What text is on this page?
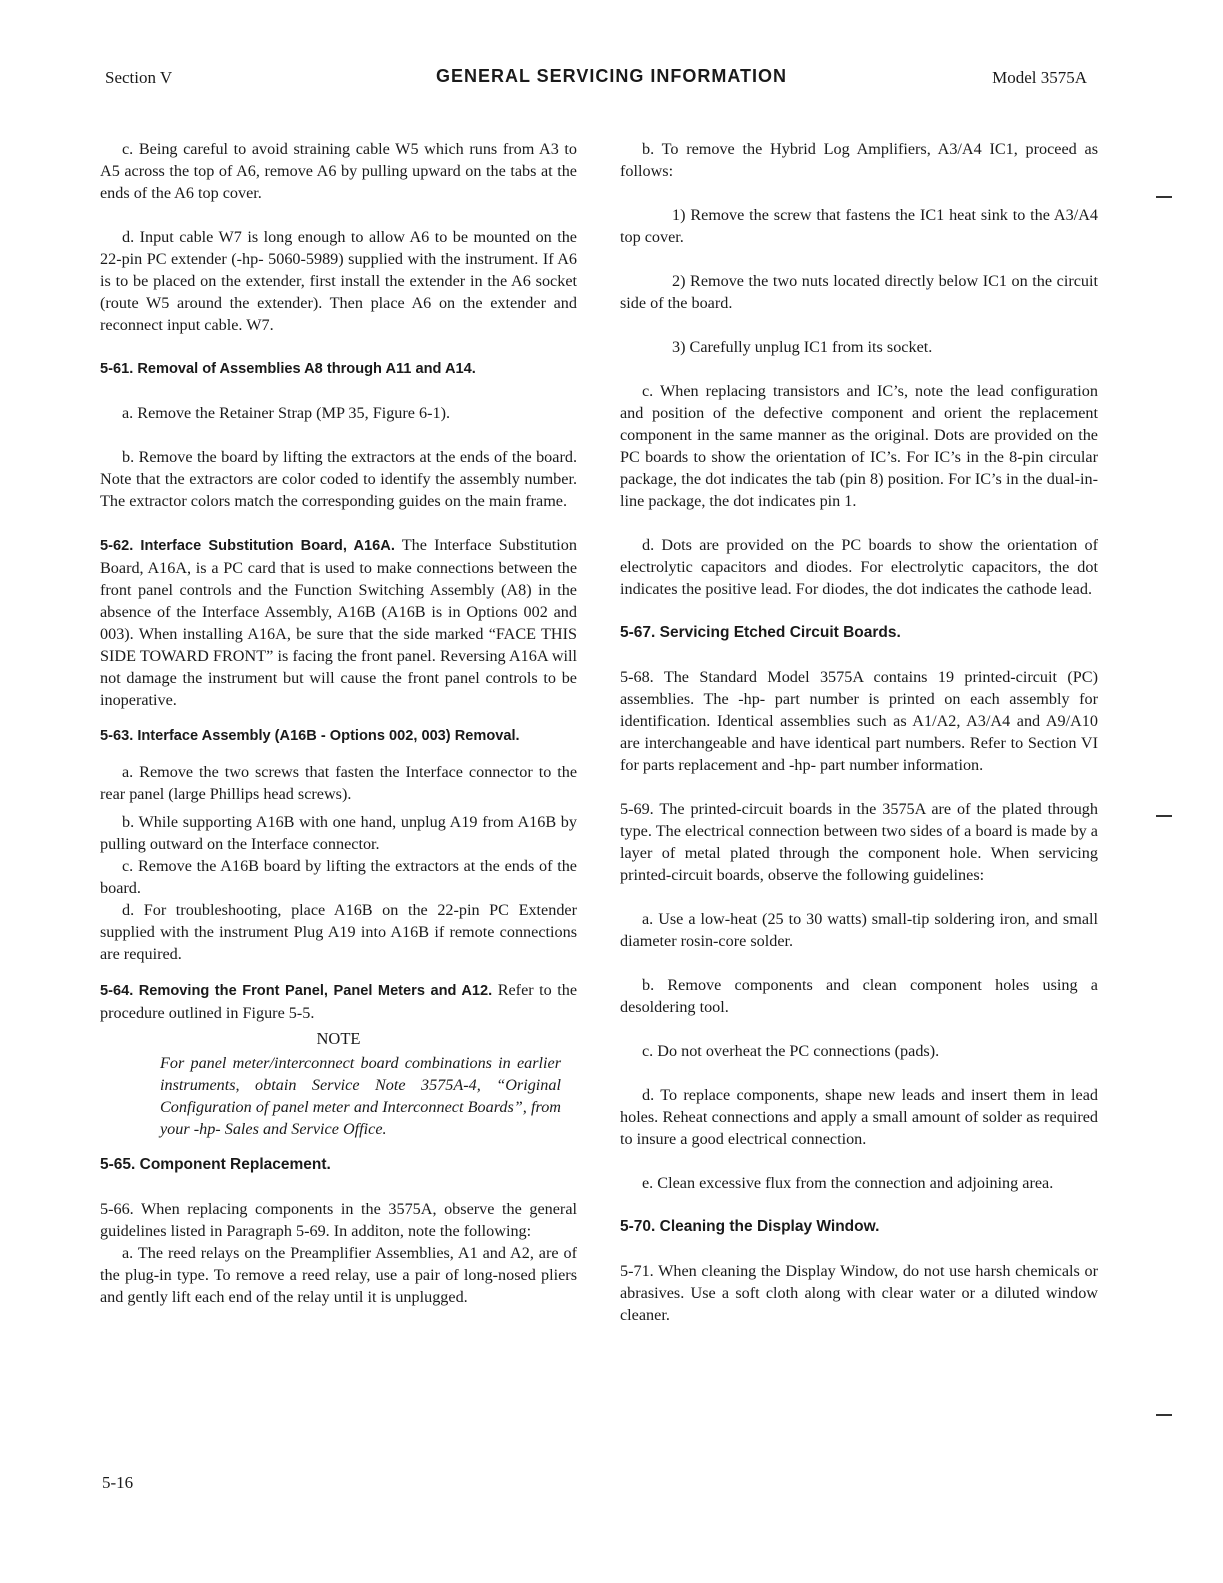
Section V	GENERAL SERVICING INFORMATION	Model 3575A

c. Being careful to avoid straining cable W5 which runs from A3 to A5 across the top of A6, remove A6 by pulling upward on the tabs at the ends of the A6 top cover.

d. Input cable W7 is long enough to allow A6 to be mounted on the 22-pin PC extender (-hp- 5060-5989) supplied with the instrument. If A6 is to be placed on the extender, first install the extender in the A6 socket (route W5 around the extender). Then place A6 on the extender and reconnect input cable. W7.

5-61. Removal of Assemblies A8 through A11 and A14.

a. Remove the Retainer Strap (MP 35, Figure 6-1).

b. Remove the board by lifting the extractors at the ends of the board. Note that the extractors are color coded to identify the assembly number. The extractor colors match the corresponding guides on the main frame.

5-62. Interface Substitution Board, A16A. The Interface Substitution Board, A16A, is a PC card that is used to make connections between the front panel controls and the Function Switching Assembly (A8) in the absence of the Interface Assembly, A16B (A16B is in Options 002 and 003). When installing A16A, be sure that the side marked “FACE THIS SIDE TOWARD FRONT” is facing the front panel. Reversing A16A will not damage the instrument but will cause the front panel controls to be inoperative.

5-63. Interface Assembly (A16B - Options 002, 003) Removal.

a. Remove the two screws that fasten the Interface connector to the rear panel (large Phillips head screws).

b. While supporting A16B with one hand, unplug A19 from A16B by pulling outward on the Interface connector.

c. Remove the A16B board by lifting the extractors at the ends of the board.

d. For troubleshooting, place A16B on the 22-pin PC Extender supplied with the instrument Plug A19 into A16B if remote connections are required.

5-64. Removing the Front Panel, Panel Meters and A12. Refer to the procedure outlined in Figure 5-5.

NOTE

For panel meter/interconnect board combinations in earlier instruments, obtain Service Note 3575A-4, “Original Configuration of panel meter and Interconnect Boards”, from your -hp- Sales and Service Office.

5-65. Component Replacement.

5-66. When replacing components in the 3575A, observe the general guidelines listed in Paragraph 5-69. In additon, note the following:

a. The reed relays on the Preamplifier Assemblies, A1 and A2, are of the plug-in type. To remove a reed relay, use a pair of long-nosed pliers and gently lift each end of the relay until it is unplugged.

b. To remove the Hybrid Log Amplifiers, A3/A4 IC1, proceed as follows:

1) Remove the screw that fastens the IC1 heat sink to the A3/A4 top cover.

2) Remove the two nuts located directly below IC1 on the circuit side of the board.

3) Carefully unplug IC1 from its socket.

c. When replacing transistors and IC’s, note the lead configuration and position of the defective component and orient the replacement component in the same manner as the original. Dots are provided on the PC boards to show the orientation of IC’s. For IC’s in the 8-pin circular package, the dot indicates the tab (pin 8) position. For IC’s in the dual-in-line package, the dot indicates pin 1.

d. Dots are provided on the PC boards to show the orientation of electrolytic capacitors and diodes. For electrolytic capacitors, the dot indicates the positive lead. For diodes, the dot indicates the cathode lead.

5-67. Servicing Etched Circuit Boards.

5-68. The Standard Model 3575A contains 19 printed-circuit (PC) assemblies. The -hp- part number is printed on each assembly for identification. Identical assemblies such as A1/A2, A3/A4 and A9/A10 are interchangeable and have identical part numbers. Refer to Section VI for parts replacement and -hp- part number information.

5-69. The printed-circuit boards in the 3575A are of the plated through type. The electrical connection between two sides of a board is made by a layer of metal plated through the component hole. When servicing printed-circuit boards, observe the following guidelines:

a. Use a low-heat (25 to 30 watts) small-tip soldering iron, and small diameter rosin-core solder.

b. Remove components and clean component holes using a desoldering tool.

c. Do not overheat the PC connections (pads).

d. To replace components, shape new leads and insert them in lead holes. Reheat connections and apply a small amount of solder as required to insure a good electrical connection.

e. Clean excessive flux from the connection and adjoining area.

5-70. Cleaning the Display Window.

5-71. When cleaning the Display Window, do not use harsh chemicals or abrasives. Use a soft cloth along with clear water or a diluted window cleaner.

5-16
